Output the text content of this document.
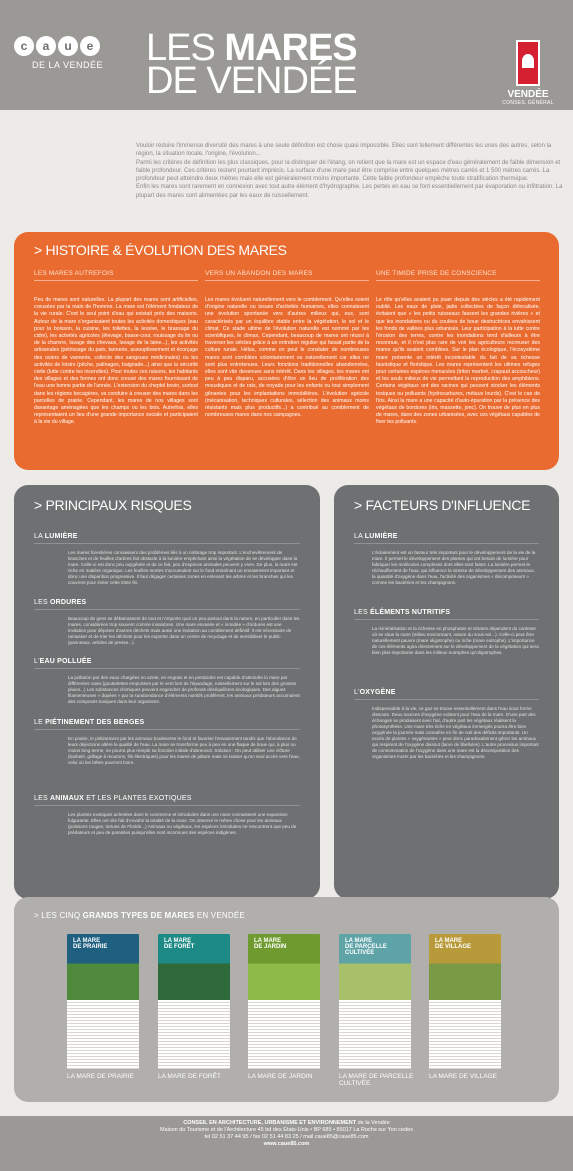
c	a	u	e
DE LA VENDÉE	LES MARES
DE VENDÉE	VENDÉE
CONSEIL GÉNÉRAL

Vouloir réduire l'immense diversité des mares à une seule définition est chose quasi impossible. Elles sont tellement différentes les unes des autres, selon la région, la situation locale, l'origine, l'évolution...

Parmi les critères de définition les plus classiques, pour la distinguer de l'étang, on retient que la mare est un espace d'eau généralement de faible dimension et faible profondeur. Ces critères restent pourtant imprécis. La surface d'une mare peut être comprise entre quelques mètres carrés et 1 500 mètres carrés. La profondeur peut atteindre deux mètres mais elle est généralement moins importante. Cette faible profondeur empêche toute stratification thermique.

Enfin les mares sont rarement en connexion avec tout autre élément d'hydrographie. Les pertes en eau se font essentiellement par évaporation ou infiltration. La plupart des mares sont alimentées par les eaux de ruissellement.

> HISTOIRE & ÉVOLUTION DES MARES
LES MARES AUTREFOIS
Peu de mares sont naturelles. La plupart des mares sont artificielles, creusées par la main de l'homme. La mare est l'élément fondateur de la vie rurale. C'est le seul point d'eau qui existait près des maisons. Autour de la mare s'organisaient toutes les activités domestiques (eau pour la boisson, la cuisine, les toilettes, la lessive, le brassage du cidre), les activités agricoles (élevage, basse-cour, rouissage du lin ou de la chanvre, lavage des chevaux, lavage de la laine...), les activités artisanales (pétrissage du pain, tannerie, assouplissement et écorçage des osiers de vannerie, collecte des sangsues médicinales) ou les activités de loisirs (pêche, patinages, baignade...) ainsi que la sécurité civile (lutte contre les incendies). Pour toutes ces raisons, les habitants des villages et des fermes ont donc creusé des mares fournissant de l'eau une bonne partie de l'année. L'extension du cheptel bovin, surtout dans les régions bocagères, va conduire à creuser des mares dans les parcelles de prairie. Cependant, les mares de nos villages sont davantage aménagées que les champs ou les bois. Autrefois, elles représentaient un lieu d'une grande importance sociale et participaient à la vie du village.
VERS UN ABANDON DES MARES
Les mares évoluent naturellement vers le comblement. Qu'elles soient d'origine naturelle ou issues d'activités humaines, elles connaissent une évolution spontanée vers d'autres milieux qui, eux, sont caractérisés par un équilibre stable entre la végétation, le sol et le climat. Ce stade ultime de l'évolution naturelle est nommé par les scientifiques, le climax. Cependant, beaucoup de mares ont réussi à traverser les siècles grâce à un entretien régulier qui faisait partie de la culture rurale. Hélas, comme on peut le constater de nombreuses mares sont comblées volontairement ou naturellement car elles ne sont plus entretenues. Leurs fonctions traditionnelles abandonnées, elles sont vite devenues sans intérêt. Dans les villages, les mares ont peu à peu disparu, accusées d'être un lieu de prolifération des moustiques et de rats, de noyade pour les enfants ou tout simplement gênantes pour les implantations immobilières. L'évolution agricole (mécanisation, techniques culturales, sélection des animaux moins résistants mais plus productifs...) a contribué au comblement de nombreuses mares dans nos campagnes.
UNE TIMIDE PRISE DE CONSCIENCE
Le rôle qu'elles avaient pu jouer depuis des siècles a été rapidement oublié. Les eaux de pluie, jadis collectées de façon délocalisée, évitaient que « les petits ruisseaux fassent les grandes rivières » et que les inondations ou du coulées de boue destructrices envahissent les fonds de vallées plus urbanisés. Leur participation à la lutte contre l'érosion des terres, contre les inondations tend d'ailleurs à être reconnue, et il n'est plus rare de voir les agriculteurs recreuser des mares qu'ils avaient comblées. Sur le plan écologique, l'écosystème mare présente un intérêt incontestable du fait de sa richesse faunistique et floristique. Les mares représentent les ultimes refuges pour certaines espèces menacées (triton marbré, crapaud accoucheur) et les seuls milieux de vie permettant la reproduction des amphibiens. Certains végétaux ont des racines qui peuvent stocker les éléments toxiques ou polluants (hydrocarbures, métaux lourds). C'est le cas de l'iris. Ainsi la mare a une capacité d'auto-épuration par la présence des végétaux de bordures (iris, massette, jonc). On trouve de plus en plus de mares, dans des zones urbanisées, avec ces végétaux capables de fixer les polluants.
> PRINCIPAUX RISQUES
LA LUMIÈRE
Les mares forestières connaissent des problèmes liés à un ombrage trop important. L'enchevêtrement de branches et de feuilles d'arbres fait obstacle à la lumière empêchant ainsi la végétation de se développer dans la mare. Celle-ci est donc peu oxygénée et de ce fait, peu d'espèces animales peuvent y vivre. De plus, la mare est riche en matière organique. Les feuilles mortes s'accumulent sur le fond entraînant un envasement important et donc une disparition progressive. Il faut dégager certaines zones en enlevant les arbres et les branches qui les couvrent pour éviter cette triste fin.
LES ORDURES
Beaucoup de gens se débarrassent de tout et n'importe quoi un peu partout dans la nature, en particulier dans les mares, considérées trop souvent comme insalubres. Une mare envasée et « inondée » d'ordures est une invitation pour déposer d'autres déchets mais aussi une invitation au comblement définitif. Il est nécessaire de ramasser et de trier les déchets pour les exporter dans un centre de recyclage et de sensibiliser le public (panneaux, articles de presse...).
L'EAU POLLUÉE
La pollution par des eaux chargées en azote, en engrais et en pesticides est capable d'atteindre la mare par différentes voies (gouttelettes emportées par le vent lors de l'épandage, ruissellement sur le sol lors des grosses pluies...) Les substances chimiques peuvent engendrer de profonds déséquilibres écologiques. Des algues filamenteuses « dopées » par la surabondance d'éléments nutritifs prolifèrent, les animaux prédateurs accumulent des composés toxiques dans leur organisme.
LE PIÉTINEMENT DES BERGES
En prairie, le piétinement par les animaux bouleverse le fond et favorise l'envasement tandis que l'abondance de leurs déjections altère la qualité de l'eau. La mare se transforme peu à peu en une flaque de boue qui, à plus ou moins long terme, ne pourra plus remplir sa fonction initiale d'abreuvoir. Solution : On peut utiliser une clôture (barbelé, grillage à moutons, fils électriques) pour les mares de pâture mais ne laisser qu'un seul accès vers l'eau, celui où les bêtes pourront boire.
LES ANIMAUX ET LES PLANTES EXOTIQUES
Les plantes exotiques achetées dans le commerce et introduites dans une mare connaissent une expansion fulgurante. Elles ont vite fait d'envahir la totalité de la mare. On observe le même chose pour les animaux (poissons rouges, tortues de Floride...) Animaux ou végétaux, les espèces introduites ne rencontrent que peu de prédateurs et peu de parasites puisqu'elles sont inconnues des espèces indigènes.
> FACTEURS D'INFLUENCE
LA LUMIÈRE
L'éclairement est un facteur très important pour le développement de la vie de la mare. Il permet le développement des plantes qui ont besoin de lumière pour fabriquer les molécules complexes dont elles sont faites. La lumière permet le réchauffement de l'eau, qui influence la vitesse de développement des animaux, la quantité d'oxygène dans l'eau, l'activité des organismes « décomposeurs » comme les bactéries et les champignons.
LES ÉLÉMENTS NUTRITIFS
La minéralisation et la richesse en phosphates et nitrates dépendent du contexte où se situe la mare (milieu environnant, nature du sous-sol...). Celle-ci peut être naturellement pauvre (mare oligotrophe) ou riche (mare eutrophe). L'importance de ces éléments agira directement sur le développement de la végétation qui sera bien plus importante dans les milieux eutrophes qu'oligotrophes.
L'OXYGÈNE
Indispensable à la vie, ce gaz se trouve essentiellement dans l'eau sous forme dissoute. Deux sources d'oxygène existent pour l'eau de la mare. D'une part des échanges se produisent avec l'air, d'autre part les végétaux réalisent la photosynthèse. Une mare très riche en végétaux immergés pourra être bien oxygénée la journée mais connaître en fin de nuit des déficits importants. Un excès de plantes « oxygénantes » peut donc paradoxalement gêner les animaux qui respirent de l'oxygène dissout (larve de libellules). L'autre processus important de consommation de l'oxygène dans une mare est la décomposition des organismes morts par les bactéries et les champignons.
> LES CINQ GRANDS TYPES DE MARES EN VENDÉE
LA MARE
DE PRAIRIE
LA MARE DE PRAIRIE
LA MARE
DE FORÊT
LA MARE DE FORÊT
LA MARE
DE JARDIN
LA MARE DE JARDIN
LA MARE
DE PARCELLE CULTIVÉE
LA MARE DE PARCELLE CULTIVÉE
LA MARE
DE VILLAGE
LA MARE DE VILLAGE
CONSEIL EN ARCHITECTURE, URBANISME ET ENVIRONNEMENT de la Vendée
Maison du Tourisme et de l'Architecture 45 bd des États-Unis • BP 685 • 85017 La Roche sur Yon cedex
tel 02 51 37 44 95 / fax 02 51 44 83 25 / mail caue85@caue85.com
www.caue85.com
